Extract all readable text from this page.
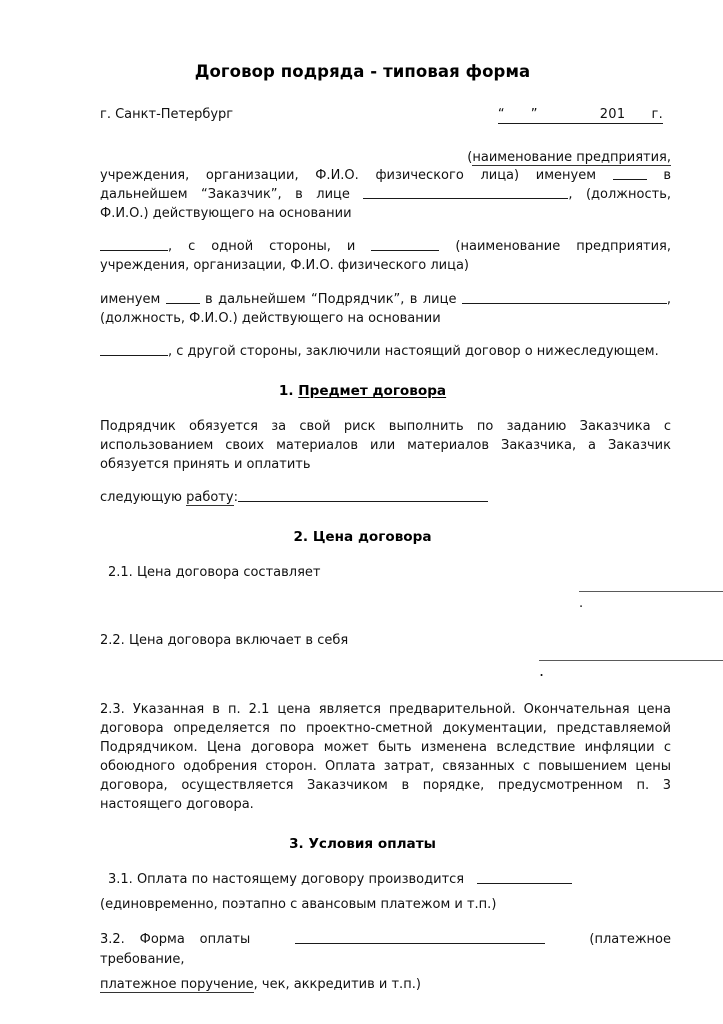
Договор подряда - типовая форма
г. Санкт-Петербург	“ ”	201 г.
(наименование предприятия,

учреждения, организации, Ф.И.О. физического лица) именуем	в дальнейшем “Заказчик”, в лице	, (должность, Ф.И.О.) действующего на основании

, с одной стороны, и	(наименование предприятия, учреждения, организации, Ф.И.О. физического лица)

именуем	в дальнейшем “Подрядчик”, в лице	, (должность, Ф.И.О.) действующего на основании

, с другой стороны, заключили настоящий договор о нижеследующем.

1. Предмет договора

Подрядчик обязуется за свой риск выполнить по заданию Заказчика с использованием своих материалов или материалов Заказчика, а Заказчик обязуется принять и оплатить

следующую работу:

2. Цена договора

2.1. Цена договора составляет

.

2.2. Цена договора включает в себя

.

2.3. Указанная в п. 2.1 цена является предварительной. Окончательная цена договора определяется по проектно-сметной документации, представляемой Подрядчиком. Цена договора может быть изменена вследствие инфляции с обоюдного одобрения сторон. Оплата затрат, связанных с повышением цены договора, осуществляется Заказчиком в порядке, предусмотренном п. 3 настоящего договора.

3. Условия оплаты

3.1. Оплата по настоящему договору производится

(единовременно, поэтапно с авансовым платежом и т.п.)

3.2. Форма оплаты	(платежное требование,

платежное поручение, чек, аккредитив и т.п.)
